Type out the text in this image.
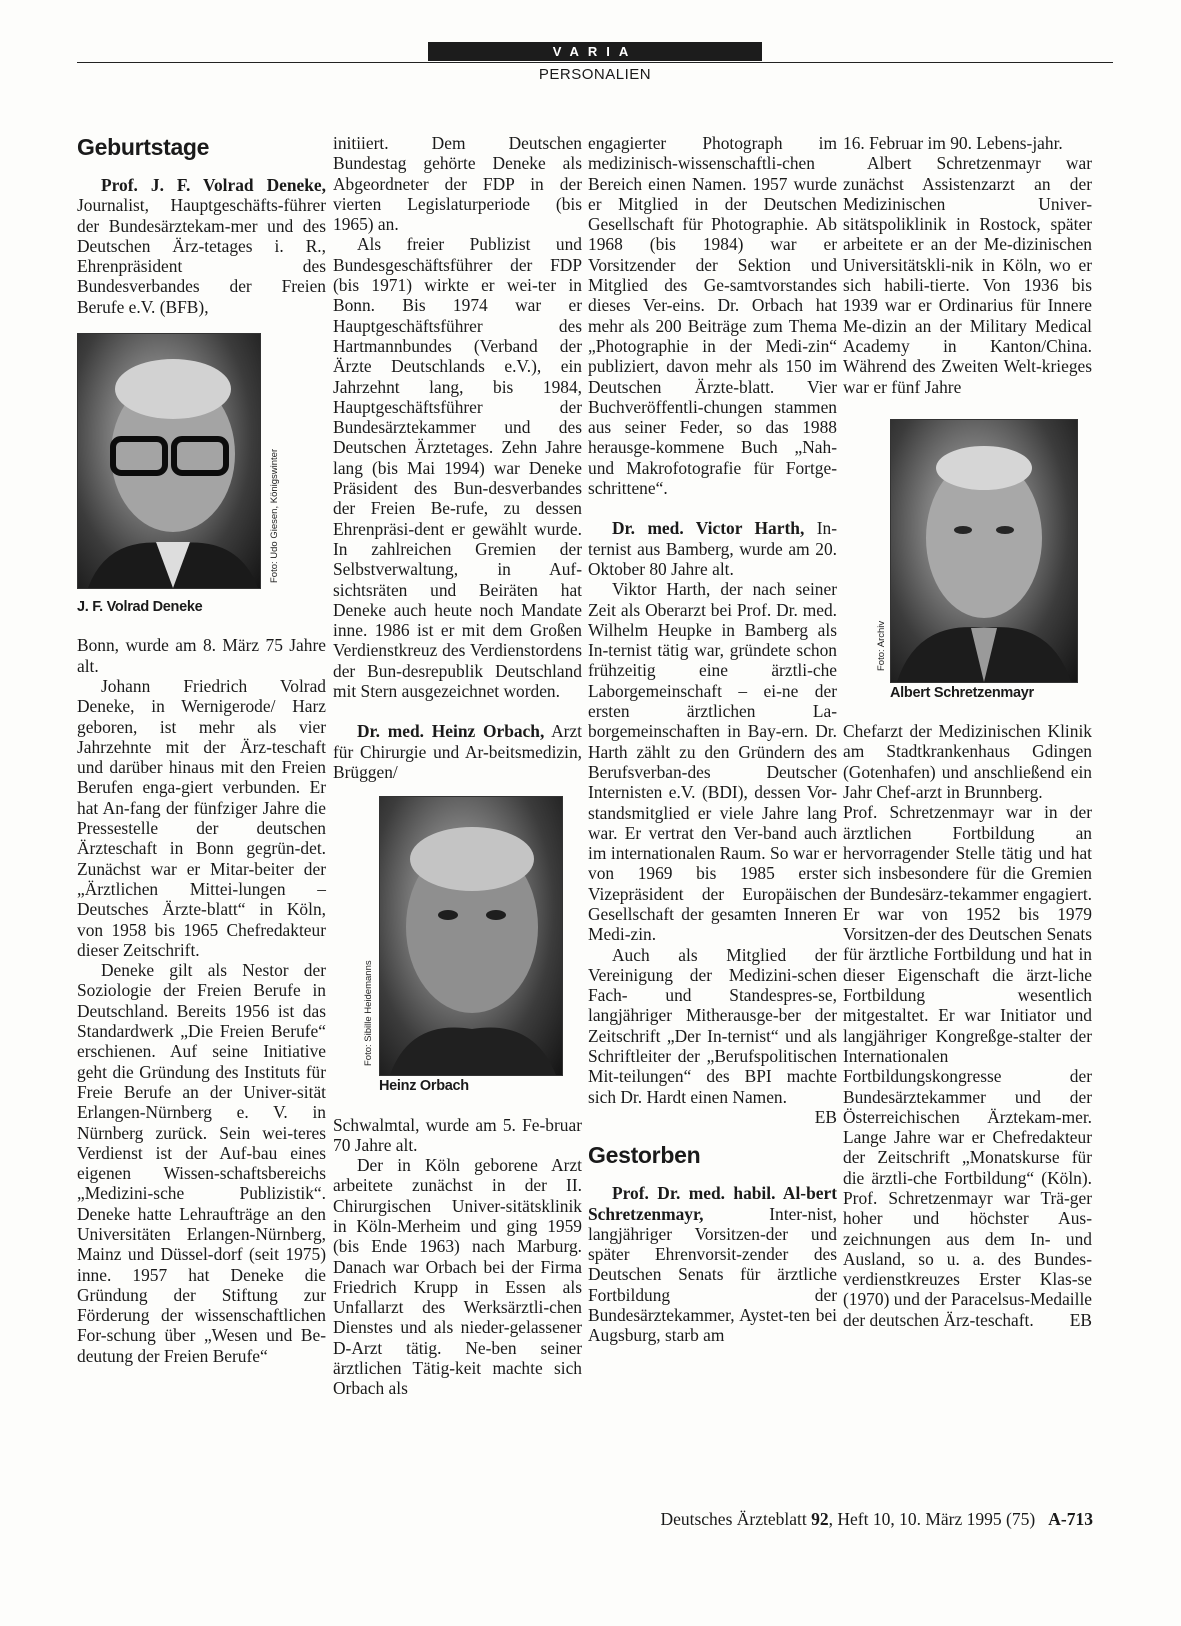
VARIA
PERSONALIEN
Geburtstage

Prof. J. F. Volrad Deneke, Journalist, Hauptgeschäfts-führer der Bundesärztekam-mer und des Deutschen Ärz-tetages i. R., Ehrenpräsident des Bundesverbandes der Freien Berufe e.V. (BFB),

Foto: Udo Giesen, Königswinter

J. F. Volrad Deneke

Bonn, wurde am 8. März 75 Jahre alt.

Johann Friedrich Volrad Deneke, in Wernigerode/ Harz geboren, ist mehr als vier Jahrzehnte mit der Ärz-teschaft und darüber hinaus mit den Freien Berufen enga-giert verbunden. Er hat An-fang der fünfziger Jahre die Pressestelle der deutschen Ärzteschaft in Bonn gegrün-det. Zunächst war er Mitar-beiter der „Ärztlichen Mittei-lungen – Deutsches Ärzte-blatt“ in Köln, von 1958 bis 1965 Chefredakteur dieser Zeitschrift.

Deneke gilt als Nestor der Soziologie der Freien Berufe in Deutschland. Bereits 1956 ist das Standardwerk „Die Freien Berufe“ erschienen. Auf seine Initiative geht die Gründung des Instituts für Freie Berufe an der Univer-sität Erlangen-Nürnberg e. V. in Nürnberg zurück. Sein wei-teres Verdienst ist der Auf-bau eines eigenen Wissen-schaftsbereichs „Medizini-sche Publizistik“. Deneke hatte Lehraufträge an den Universitäten Erlangen-Nürnberg, Mainz und Düssel-dorf (seit 1975) inne. 1957 hat Deneke die Gründung der Stiftung zur Förderung der wissenschaftlichen For-schung über „Wesen und Be-deutung der Freien Berufe“

initiiert. Dem Deutschen Bundestag gehörte Deneke als Abgeordneter der FDP in der vierten Legislaturperiode (bis 1965) an.

Als freier Publizist und Bundesgeschäftsführer der FDP (bis 1971) wirkte er wei-ter in Bonn. Bis 1974 war er Hauptgeschäftsführer des Hartmannbundes (Verband der Ärzte Deutschlands e.V.), ein Jahrzehnt lang, bis 1984, Hauptgeschäftsführer der Bundesärztekammer und des Deutschen Ärztetages. Zehn Jahre lang (bis Mai 1994) war Deneke Präsident des Bun-desverbandes der Freien Be-rufe, zu dessen Ehrenpräsi-dent er gewählt wurde. In zahlreichen Gremien der Selbstverwaltung, in Auf-sichtsräten und Beiräten hat Deneke auch heute noch Mandate inne. 1986 ist er mit dem Großen Verdienstkreuz des Verdienstordens der Bun-desrepublik Deutschland mit Stern ausgezeichnet worden.

Dr. med. Heinz Orbach, Arzt für Chirurgie und Ar-beitsmedizin, Brüggen/

Foto: Sibille Heidemanns

Heinz Orbach

Schwalmtal, wurde am 5. Fe-bruar 70 Jahre alt.

Der in Köln geborene Arzt arbeitete zunächst in der II. Chirurgischen Univer-sitätsklinik in Köln-Merheim und ging 1959 (bis Ende 1963) nach Marburg. Danach war Orbach bei der Firma Friedrich Krupp in Essen als Unfallarzt des Werksärztli-chen Dienstes und als nieder-gelassener D-Arzt tätig. Ne-ben seiner ärztlichen Tätig-keit machte sich Orbach als

engagierter Photograph im medizinisch-wissenschaftli-chen Bereich einen Namen. 1957 wurde er Mitglied in der Deutschen Gesellschaft für Photographie. Ab 1968 (bis 1984) war er Vorsitzender der Sektion und Mitglied des Ge-samtvorstandes dieses Ver-eins. Dr. Orbach hat mehr als 200 Beiträge zum Thema „Photographie in der Medi-zin“ publiziert, davon mehr als 150 im Deutschen Ärzte-blatt. Vier Buchveröffentli-chungen stammen aus seiner Feder, so das 1988 herausge-kommene Buch „Nah- und Makrofotografie für Fortge-schrittene“.

Dr. med. Victor Harth, In-ternist aus Bamberg, wurde am 20. Oktober 80 Jahre alt.

Viktor Harth, der nach seiner Zeit als Oberarzt bei Prof. Dr. med. Wilhelm Heupke in Bamberg als In-ternist tätig war, gründete schon frühzeitig eine ärztli-che Laborgemeinschaft – ei-ne der ersten ärztlichen La-borgemeinschaften in Bay-ern. Dr. Harth zählt zu den Gründern des Berufsverban-des Deutscher Internisten e.V. (BDI), dessen Vor-standsmitglied er viele Jahre lang war. Er vertrat den Ver-band auch im internationalen Raum. So war er von 1969 bis 1985 erster Vizepräsident der Europäischen Gesellschaft der gesamten Inneren Medi-zin.

Auch als Mitglied der Vereinigung der Medizini-schen Fach- und Standespres-se, langjähriger Mitherausge-ber der Zeitschrift „Der In-ternist“ und als Schriftleiter der „Berufspolitischen Mit-teilungen“ des BPI machte sich Dr. Hardt einen Namen.

EB

Gestorben

Prof. Dr. med. habil. Al-bert Schretzenmayr,	Inter-nist, langjähriger Vorsitzen-der und später Ehrenvorsit-zender des Deutschen Senats für ärztliche Fortbildung der Bundesärztekammer, Aystet-ten bei Augsburg, starb am

16. Februar im 90. Lebens-jahr.

Albert Schretzenmayr war zunächst Assistenzarzt an der Medizinischen Univer-sitätspoliklinik in Rostock, später arbeitete er an der Me-dizinischen Universitätskli-nik in Köln, wo er sich habili-tierte. Von 1936 bis 1939 war er Ordinarius für Innere Me-dizin an der Military Medical Academy in Kanton/China. Während des Zweiten Welt-krieges war er fünf Jahre

Foto: Archiv

Albert Schretzenmayr

Chefarzt der Medizinischen Klinik am Stadtkrankenhaus Gdingen (Gotenhafen) und anschließend ein Jahr Chef-arzt in Brunnberg.

Prof. Schretzenmayr war in der ärztlichen Fortbildung an hervorragender Stelle tätig und hat sich insbesondere für die Gremien der Bundesärz-tekammer engagiert. Er war von 1952 bis 1979 Vorsitzen-der des Deutschen Senats für ärztliche Fortbildung und hat in dieser Eigenschaft die ärzt-liche Fortbildung wesentlich mitgestaltet. Er war Initiator und langjähriger Kongreßge-stalter der Internationalen Fortbildungskongresse der Bundesärztekammer und der Österreichischen Ärztekam-mer. Lange Jahre war er Chefredakteur der Zeitschrift „Monatskurse für die ärztli-che Fortbildung“ (Köln). Prof. Schretzenmayr war Trä-ger hoher und höchster Aus-zeichnungen aus dem In- und Ausland, so u. a. des Bundes-verdienstkreuzes Erster Klas-se (1970) und der Paracelsus-Medaille der deutschen Ärz-teschaft. EB
Deutsches Ärzteblatt 92, Heft 10, 10. März 1995 (75) A-713
